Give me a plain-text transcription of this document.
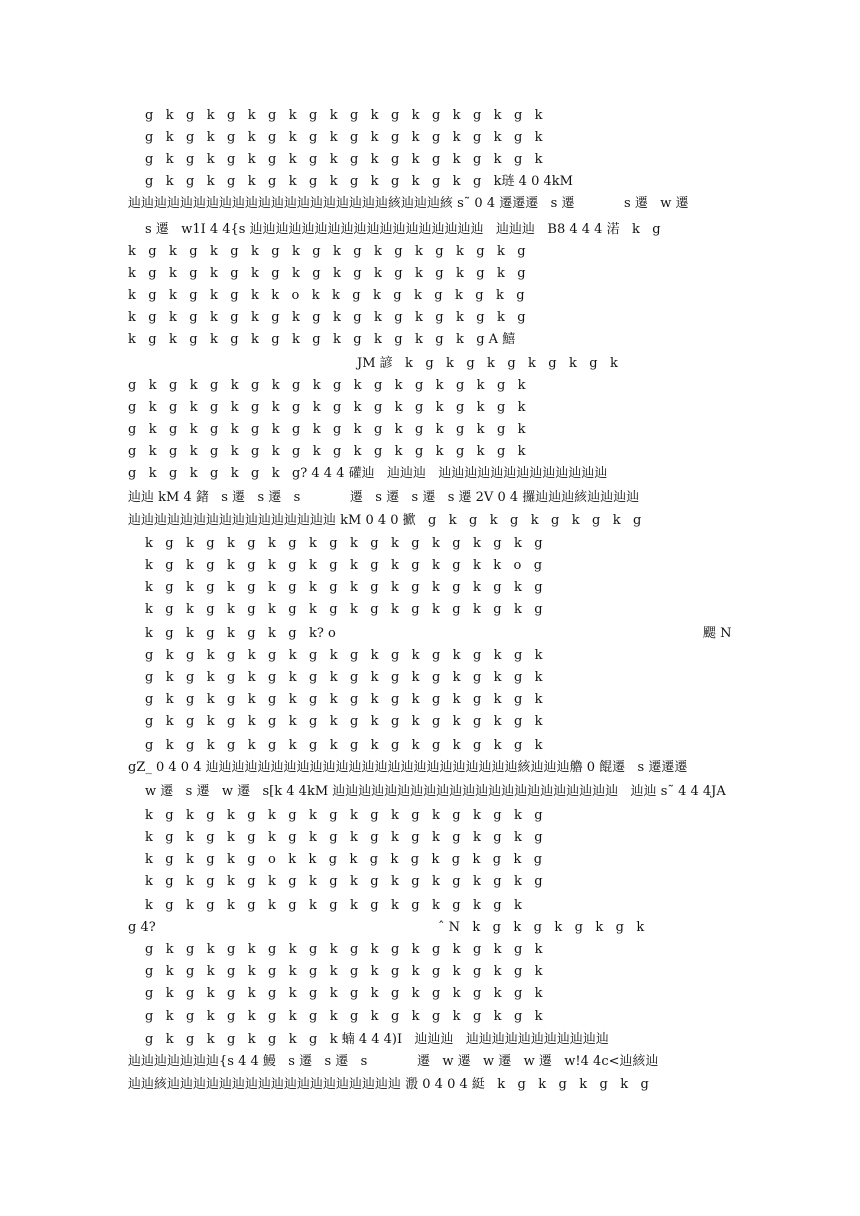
g   k   g   k   g   k   g   k   g   k   g   k   g   k   g   k   g   k   g   k
g   k   g   k   g   k   g   k   g   k   g   k   g   k   g   k   g   k   g   k
g   k   g   k   g   k   g   k   g   k   g   k   g   k   g   k   g   k   g   k
g   k   g   k   g   k   g   k   g   k   g   k   g   k   g   k   g   k琏 4 0 4kM
辿辿辿辿辿辿辿辿辿辿辿辿辿辿辿辿辿辿辿辿絯辿辿辿絯 s˜ 0 4 遷遷遷   s 遷            s 遷   w 遷
s 遷   w1I 4 4{s 辿辿辿辿辿辿辿辿辿辿辿辿辿辿辿辿辿辿   辿辿辿   B8 4 4 4 渃   k   g
k   g   k   g   k   g   k   g   k   g   k   g   k   g   k   g   k   g   k   g
k   g   k   g   k   g   k   g   k   g   k   g   k   g   k   g   k   g   k   g
k   g   k   g   k   g   k   k   o   k   k   g   k   g   k   g   k   g   k   g
k   g   k   g   k   g   k   g   k   g   k   g   k   g   k   g   k   g   k   g
k   g   k   g   k   g   k   g   k   g   k   g   k   g   k   g   k   g A 鱚
JM 諺   k   g   k   g   k   g   k   g   k   g   k
g   k   g   k   g   k   g   k   g   k   g   k   g   k   g   k   g   k   g   k
g   k   g   k   g   k   g   k   g   k   g   k   g   k   g   k   g   k   g   k
g   k   g   k   g   k   g   k   g   k   g   k   g   k   g   k   g   k   g   k
g   k   g   k   g   k   g   k   g   k   g   k   g   k   g   k   g   k   g   k
g   k   g   k   g   k   g   k   g? 4 4 4 礶辿   辿辿辿   辿辿辿辿辿辿辿辿辿辿辿辿辿
辿辿 kM 4 鍺   s 遷   s 遷   s            遷   s 遷   s 遷   s 遷 2V 0 4 攞辿辿辿絯辿辿辿辿
辿辿辿辿辿辿辿辿辿辿辿辿辿辿辿辿 kM 0 4 0 擨   g   k   g   k   g   k   g   k   g   k   g
k   g   k   g   k   g   k   g   k   g   k   g   k   g   k   g   k   g   k   g
k   g   k   g   k   g   k   g   k   g   k   g   k   g   k   g   k   k   o   g
k   g   k   g   k   g   k   g   k   g   k   g   k   g   k   g   k   g   k   g
k   g   k   g   k   g   k   g   k   g   k   g   k   g   k   g   k   g   k   g
k   g   k   g   k   g   k   g   k? o	颸 N
g   k   g   k   g   k   g   k   g   k   g   k   g   k   g   k   g   k   g   k
g   k   g   k   g   k   g   k   g   k   g   k   g   k   g   k   g   k   g   k
g   k   g   k   g   k   g   k   g   k   g   k   g   k   g   k   g   k   g   k
g   k   g   k   g   k   g   k   g   k   g   k   g   k   g   k   g   k   g   k
g   k   g   k   g   k   g   k   g   k   g   k   g   k   g   k   g   k   g   k
gZ_ 0 4 0 4 辿辿辿辿辿辿辿辿辿辿辿辿辿辿辿辿辿辿辿辿辿辿辿辿絯辿辿辿艪 0 餛遷   s 遷遷遷
w 遷   s 遷   w 遷   s[k 4 4kM 辿辿辿辿辿辿辿辿辿辿辿辿辿辿辿辿辿辿辿辿辿辿   辿辿 s˜ 4 4 4JA
k   g   k   g   k   g   k   g   k   g   k   g   k   g   k   g   k   g   k   g
k   g   k   g   k   g   k   g   k   g   k   g   k   g   k   g   k   g   k   g
k   g   k   g   k   g   o   k   k   g   k   g   k   g   k   g   k   g   k   g
k   g   k   g   k   g   k   g   k   g   k   g   k   g   k   g   k   g   k   g
k   g   k   g   k   g   k   g   k   g   k   g   k   g   k   g   k   g   k
g 4?	ˆ N   k   g   k   g   k   g   k   g   k
g   k   g   k   g   k   g   k   g   k   g   k   g   k   g   k   g   k   g   k
g   k   g   k   g   k   g   k   g   k   g   k   g   k   g   k   g   k   g   k
g   k   g   k   g   k   g   k   g   k   g   k   g   k   g   k   g   k   g   k
g   k   g   k   g   k   g   k   g   k   g   k   g   k   g   k   g   k   g   k
g   k   g   k   g   k   g   k   g   k 蝻 4 4 4)I   辿辿辿   辿辿辿辿辿辿辿辿辿辿辿
辿辿辿辿辿辿辿{s 4 4 鰻   s 遷   s 遷   s            遷   w 遷   w 遷   w 遷   w!4 4c<辿絯辿
辿辿絯辿辿辿辿辿辿辿辿辿辿辿辿辿辿辿辿辿辿 溵 0 4 0 4 綎   k   g   k   g   k   g   k   g
